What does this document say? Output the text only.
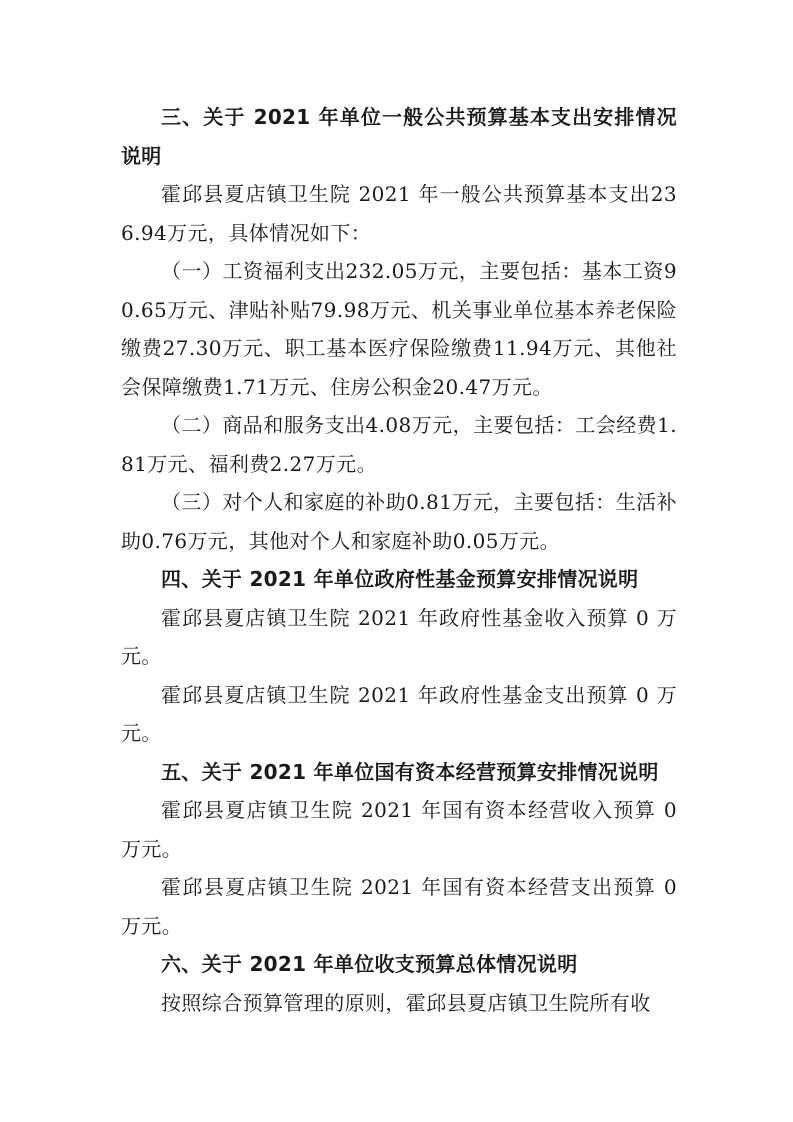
三、关于 2021 年单位一般公共预算基本支出安排情况说明

霍邱县夏店镇卫生院 2021 年一般公共预算基本支出236.94万元，具体情况如下：

（一）工资福利支出232.05万元，主要包括：基本工资90.65万元、津贴补贴79.98万元、机关事业单位基本养老保险缴费27.30万元、职工基本医疗保险缴费11.94万元、其他社会保障缴费1.71万元、住房公积金20.47万元。

（二）商品和服务支出4.08万元，主要包括：工会经费1.81万元、福利费2.27万元。

（三）对个人和家庭的补助0.81万元，主要包括：生活补助0.76万元，其他对个人和家庭补助0.05万元。

四、关于 2021 年单位政府性基金预算安排情况说明

霍邱县夏店镇卫生院 2021 年政府性基金收入预算 0 万元。

霍邱县夏店镇卫生院 2021 年政府性基金支出预算 0 万元。

五、关于 2021 年单位国有资本经营预算安排情况说明

霍邱县夏店镇卫生院 2021 年国有资本经营收入预算 0 万元。

霍邱县夏店镇卫生院 2021 年国有资本经营支出预算 0 万元。

六、关于 2021 年单位收支预算总体情况说明

按照综合预算管理的原则，霍邱县夏店镇卫生院所有收
